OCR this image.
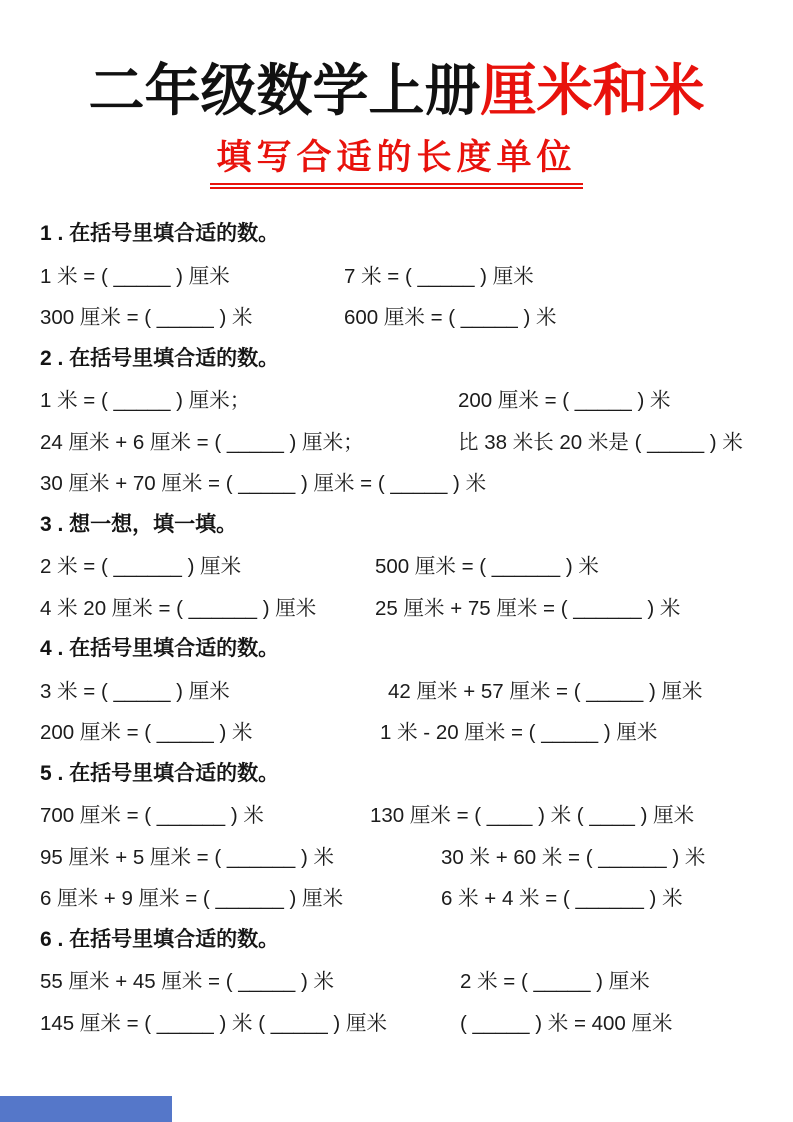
二年级数学上册厘米和米
填写合适的长度单位
1 . 在括号里填合适的数。
1 米 = ( _____ ) 厘米	7 米 = ( _____ ) 厘米
300 厘米 = ( _____ ) 米	600 厘米 = ( _____ ) 米
2 . 在括号里填合适的数。
1 米 = ( _____ ) 厘米；	200 厘米 = ( _____ ) 米
24 厘米 + 6 厘米 = ( _____ ) 厘米；	比 38 米长 20 米是 ( _____ ) 米
30 厘米 + 70 厘米 = ( _____ ) 厘米 = ( _____ ) 米
3 . 想一想，填一填。
2 米 = ( ______ ) 厘米	500 厘米 = ( ______ ) 米
4 米 20 厘米 = ( ______ ) 厘米	25 厘米 + 75 厘米 = ( ______ ) 米
4 . 在括号里填合适的数。
3 米 = ( _____ ) 厘米	42 厘米 + 57 厘米 = ( _____ ) 厘米
200 厘米 = ( _____ ) 米	1 米 - 20 厘米 = ( _____ ) 厘米
5 . 在括号里填合适的数。
700 厘米 = ( ______ ) 米	130 厘米 = ( ____ ) 米 ( ____ ) 厘米
95 厘米 + 5 厘米 = ( ______ ) 米	30 米 + 60 米 = ( ______ ) 米
6 厘米 + 9 厘米 = ( ______ ) 厘米	6 米 + 4 米 = ( ______ ) 米
6 . 在括号里填合适的数。
55 厘米 + 45 厘米 = ( _____ ) 米	2 米 = ( _____ ) 厘米
145 厘米 = ( _____ ) 米 ( _____ ) 厘米	( _____ ) 米 = 400 厘米
